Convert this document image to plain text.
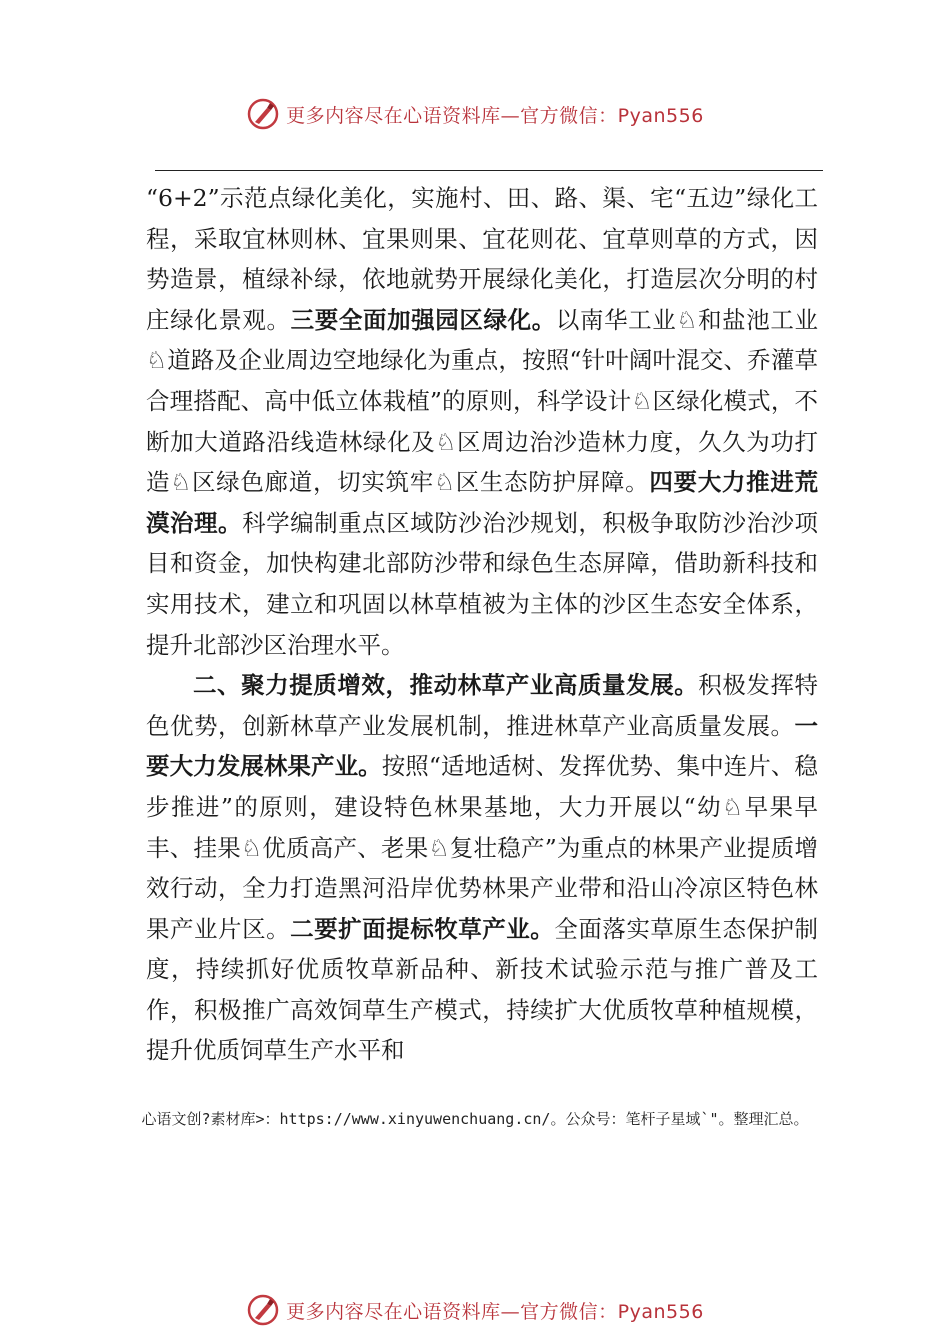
更多内容尽在心语资料库—官方微信：Pyan556

“6+2”示范点绿化美化，实施村、田、路、渠、宅“五边”绿化工程，采取宜林则林、宜果则果、宜花则花、宜草则草的方式，因势造景，植绿补绿，依地就势开展绿化美化，打造层次分明的村庄绿化景观。三要全面加强园区绿化。以南华工业♘和盐池工业♘道路及企业周边空地绿化为重点，按照“针叶阔叶混交、乔灌草合理搭配、高中低立体栽植”的原则，科学设计♘区绿化模式，不断加大道路沿线造林绿化及♘区周边治沙造林力度，久久为功打造♘区绿色廊道，切实筑牢♘区生态防护屏障。四要大力推进荒漠治理。科学编制重点区域防沙治沙规划，积极争取防沙治沙项目和资金，加快构建北部防沙带和绿色生态屏障，借助新科技和实用技术，建立和巩固以林草植被为主体的沙区生态安全体系，提升北部沙区治理水平。

二、聚力提质增效，推动林草产业高质量发展。积极发挥特色优势，创新林草产业发展机制，推进林草产业高质量发展。一要大力发展林果产业。按照“适地适树、发挥优势、集中连片、稳步推进”的原则，建设特色林果基地，大力开展以“幼♘早果早丰、挂果♘优质高产、老果♘复壮稳产”为重点的林果产业提质增效行动，全力打造黑河沿岸优势林果产业带和沿山冷凉区特色林果产业片区。二要扩面提标牧草产业。全面落实草原生态保护制度，持续抓好优质牧草新品种、新技术试验示范与推广普及工作，积极推广高效饲草生产模式，持续扩大优质牧草种植规模，提升优质饲草生产水平和

心语文创?素材库>：https://www.xinyuwenchuang.cn/。公众号：笔杆子星域`"。整理汇总。
更多内容尽在心语资料库—官方微信：Pyan556
